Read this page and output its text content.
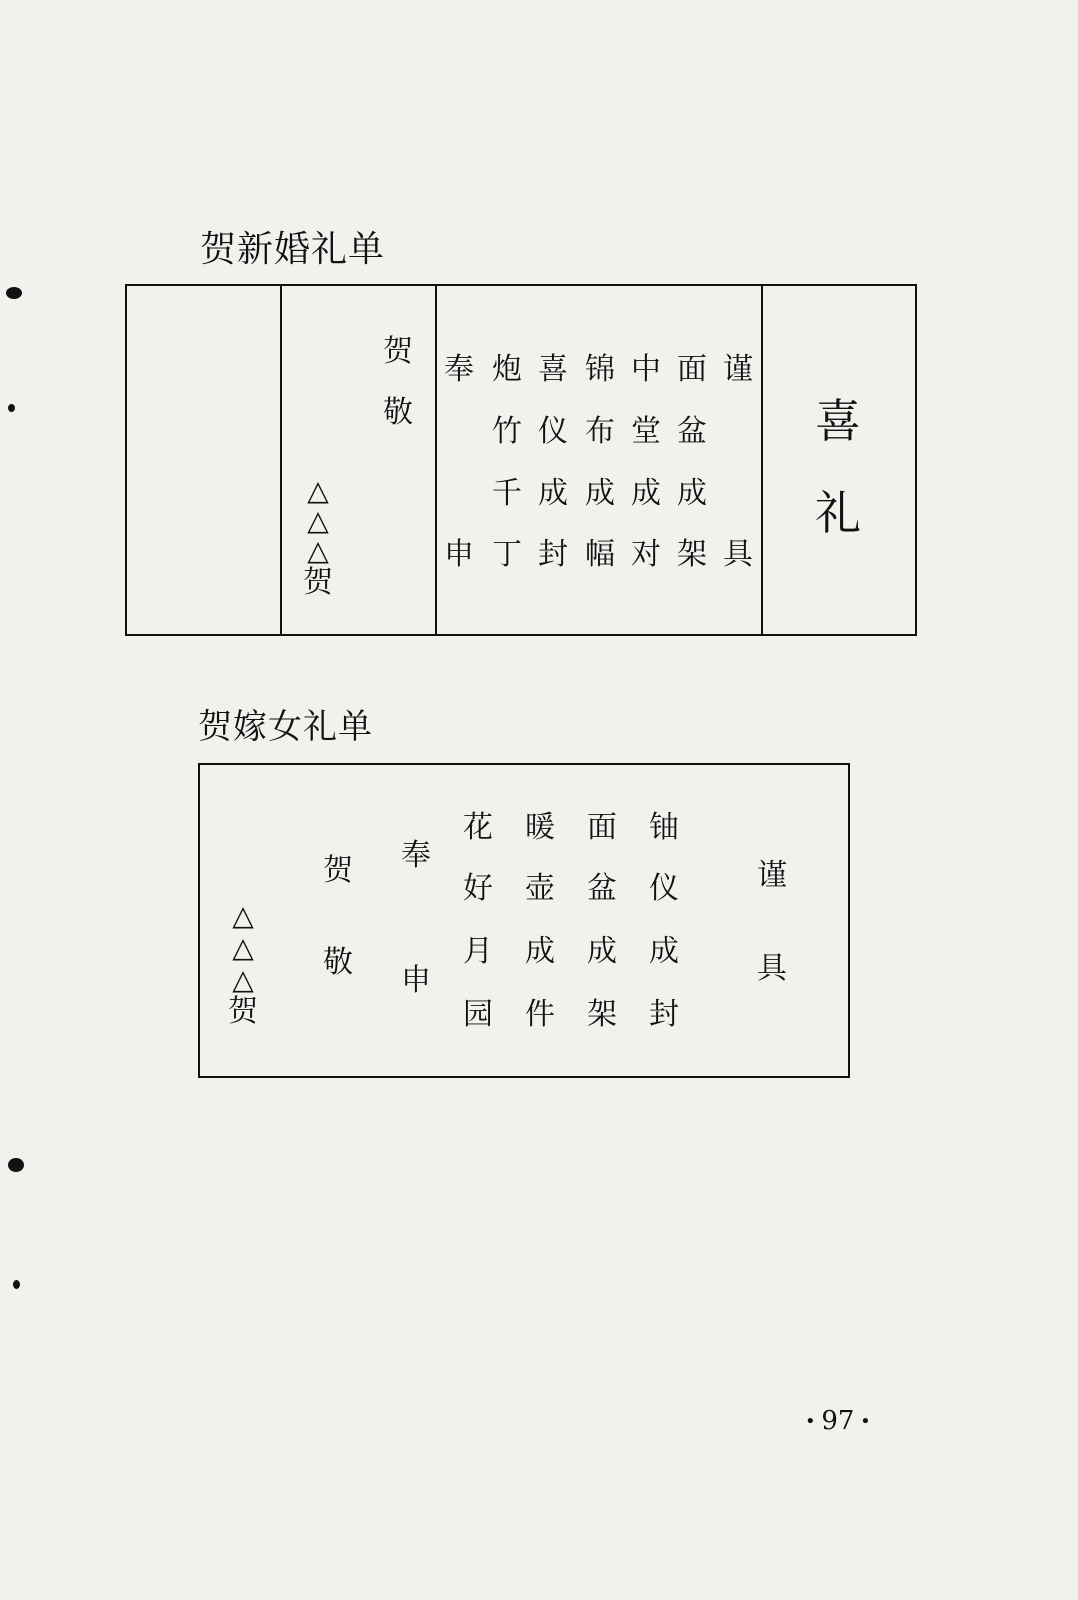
贺新婚礼单
贺
敬
△
△
△
贺
奉 炮 喜 锦 中 面 谨
竹 仪 布 堂 盆
千 成 成 成 成
申 丁 封 幅 对 架 具
喜
礼
贺嫁女礼单
△
△
△
贺
贺
敬
奉
申
花 暖 面 铀
好 壶 盆 仪
月 成 成 成
园 件 架 封
谨
具
• 97 •
